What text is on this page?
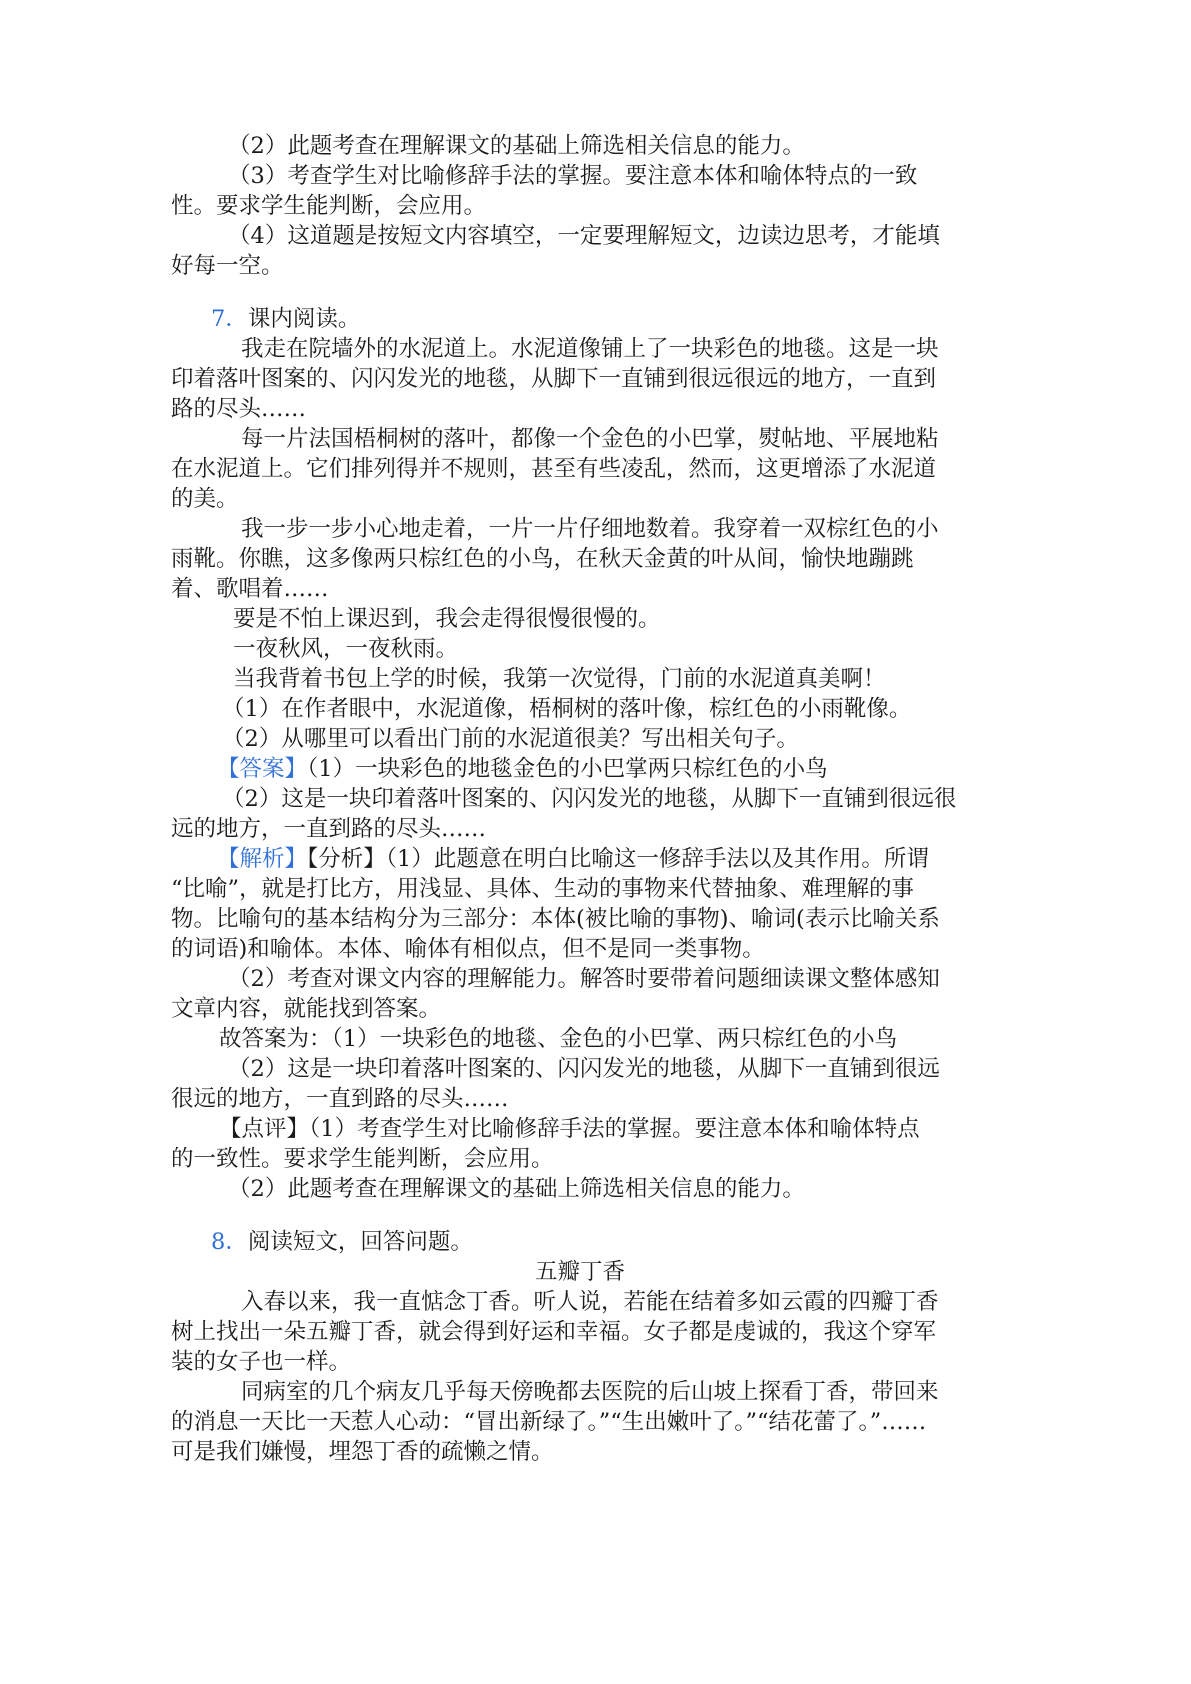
（2）此题考查在理解课文的基础上筛选相关信息的能力。
（3）考查学生对比喻修辞手法的掌握。要注意本体和喻体特点的一致
性。要求学生能判断，会应用。
（4）这道题是按短文内容填空，一定要理解短文，边读边思考，才能填
好每一空。
7．课内阅读。
我走在院墙外的水泥道上。水泥道像铺上了一块彩色的地毯。这是一块
印着落叶图案的、闪闪发光的地毯，从脚下一直铺到很远很远的地方，一直到
路的尽头……
每一片法国梧桐树的落叶，都像一个金色的小巴掌，熨帖地、平展地粘
在水泥道上。它们排列得并不规则，甚至有些凌乱，然而，这更增添了水泥道
的美。
我一步一步小心地走着，一片一片仔细地数着。我穿着一双棕红色的小
雨靴。你瞧，这多像两只棕红色的小鸟，在秋天金黄的叶从间，愉快地蹦跳
着、歌唱着……
要是不怕上课迟到，我会走得很慢很慢的。
一夜秋风，一夜秋雨。
当我背着书包上学的时候，我第一次觉得，门前的水泥道真美啊！
（1）在作者眼中，水泥道像，梧桐树的落叶像，棕红色的小雨靴像。
（2）从哪里可以看出门前的水泥道很美？写出相关句子。
【答案】（1）一块彩色的地毯金色的小巴掌两只棕红色的小鸟
（2）这是一块印着落叶图案的、闪闪发光的地毯，从脚下一直铺到很远很
远的地方，一直到路的尽头……
【解析】【分析】（1）此题意在明白比喻这一修辞手法以及其作用。所谓
“比喻”，就是打比方，用浅显、具体、生动的事物来代替抽象、难理解的事
物。比喻句的基本结构分为三部分：本体(被比喻的事物)、喻词(表示比喻关系
的词语)和喻体。本体、喻体有相似点，但不是同一类事物。
（2）考查对课文内容的理解能力。解答时要带着问题细读课文整体感知
文章内容，就能找到答案。
故答案为：（1）一块彩色的地毯、金色的小巴掌、两只棕红色的小鸟
（2）这是一块印着落叶图案的、闪闪发光的地毯，从脚下一直铺到很远
很远的地方，一直到路的尽头……
【点评】（1）考查学生对比喻修辞手法的掌握。要注意本体和喻体特点
的一致性。要求学生能判断，会应用。
（2）此题考查在理解课文的基础上筛选相关信息的能力。
8．阅读短文，回答问题。
五瓣丁香
入春以来，我一直惦念丁香。听人说，若能在结着多如云霞的四瓣丁香
树上找出一朵五瓣丁香，就会得到好运和幸福。女子都是虔诚的，我这个穿军
装的女子也一样。
同病室的几个病友几乎每天傍晚都去医院的后山坡上探看丁香，带回来
的消息一天比一天惹人心动：“冒出新绿了。”“生出嫩叶了。”“结花蕾了。”……
可是我们嫌慢，埋怨丁香的疏懒之情。
